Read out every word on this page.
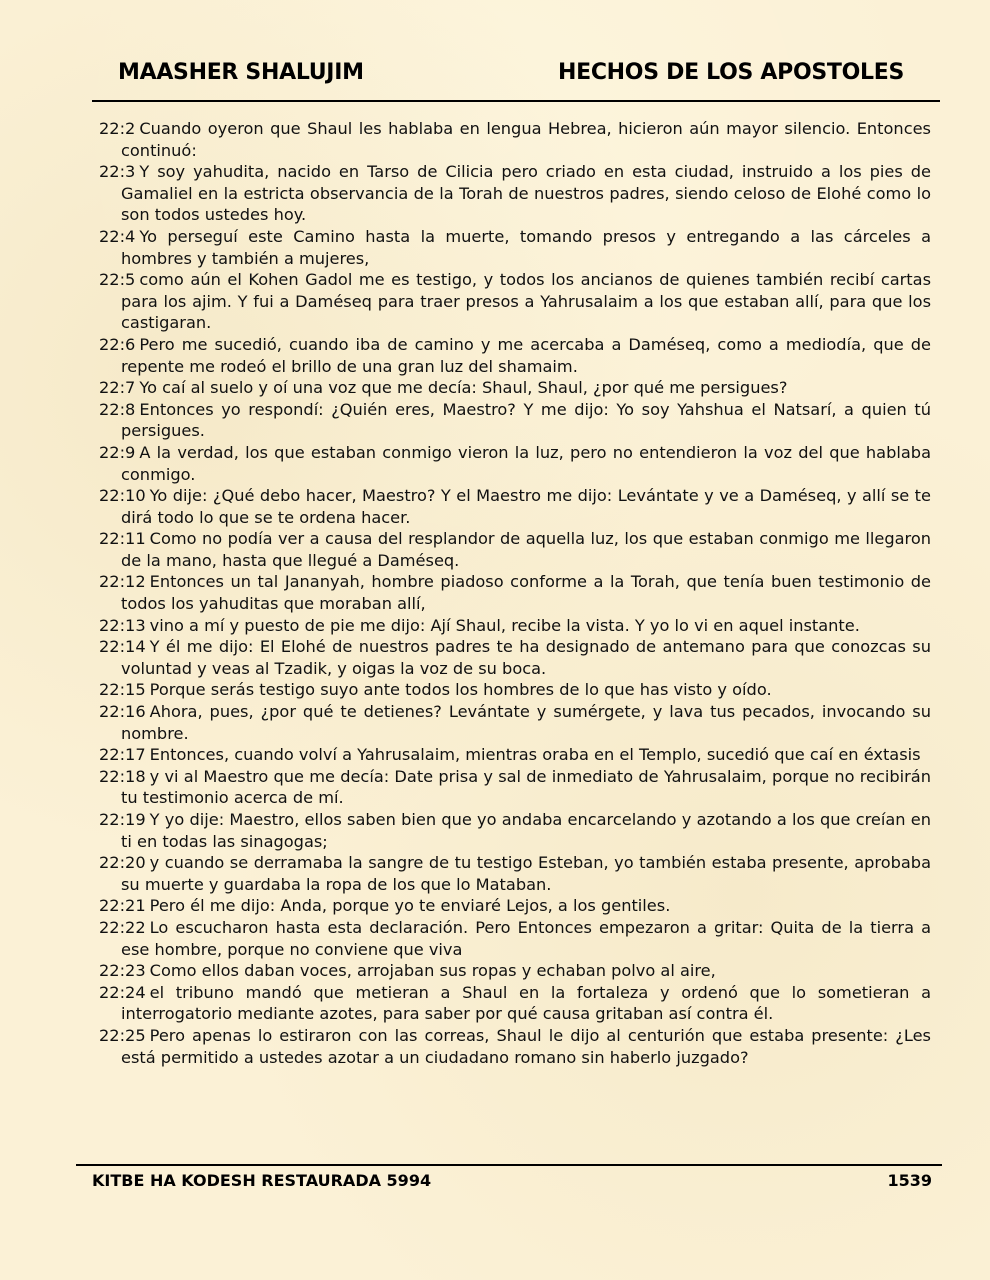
MAASHER SHALUJIM	HECHOS DE LOS APOSTOLES

22:2 Cuando oyeron que Shaul les hablaba en lengua Hebrea, hicieron aún mayor silencio. Entonces continuó:

22:3 Y soy yahudita, nacido en Tarso de Cilicia pero criado en esta ciudad, instruido a los pies de Gamaliel en la estricta observancia de la Torah de nuestros padres, siendo celoso de Elohé como lo son todos ustedes hoy.

22:4 Yo perseguí este Camino hasta la muerte, tomando presos y entregando a las cárceles a hombres y también a mujeres,

22:5 como aún el Kohen Gadol me es testigo, y todos los ancianos de quienes también recibí cartas para los ajim. Y fui a Daméseq para traer presos a Yahrusalaim a los que estaban allí, para que los castigaran.

22:6 Pero me sucedió, cuando iba de camino y me acercaba a Daméseq, como a mediodía, que de repente me rodeó el brillo de una gran luz del shamaim.

22:7 Yo caí al suelo y oí una voz que me decía: Shaul, Shaul, ¿por qué me persigues?

22:8 Entonces yo respondí: ¿Quién eres, Maestro? Y me dijo: Yo soy Yahshua el Natsarí, a quien tú persigues.

22:9 A la verdad, los que estaban conmigo vieron la luz, pero no entendieron la voz del que hablaba conmigo.

22:10 Yo dije: ¿Qué debo hacer, Maestro? Y el Maestro me dijo: Levántate y ve a Daméseq, y allí se te dirá todo lo que se te ordena hacer.

22:11 Como no podía ver a causa del resplandor de aquella luz, los que estaban conmigo me llegaron de la mano, hasta que llegué a Daméseq.

22:12 Entonces un tal Jananyah, hombre piadoso conforme a la Torah, que tenía buen testimonio de todos los yahuditas que moraban allí,

22:13 vino a mí y puesto de pie me dijo: Ají Shaul, recibe la vista. Y yo lo vi en aquel instante.

22:14 Y él me dijo: El Elohé de nuestros padres te ha designado de antemano para que conozcas su voluntad y veas al Tzadik, y oigas la voz de su boca.

22:15 Porque serás testigo suyo ante todos los hombres de lo que has visto y oído.

22:16 Ahora, pues, ¿por qué te detienes? Levántate y sumérgete, y lava tus pecados, invocando su nombre.

22:17 Entonces, cuando volví a Yahrusalaim, mientras oraba en el Templo, sucedió que caí en éxtasis

22:18 y vi al Maestro que me decía: Date prisa y sal de inmediato de Yahrusalaim, porque no recibirán tu testimonio acerca de mí.

22:19 Y yo dije: Maestro, ellos saben bien que yo andaba encarcelando y azotando a los que creían en ti en todas las sinagogas;

22:20 y cuando se derramaba la sangre de tu testigo Esteban, yo también estaba presente, aprobaba su muerte y guardaba la ropa de los que lo Mataban.

22:21 Pero él me dijo: Anda, porque yo te enviaré Lejos, a los gentiles.

22:22 Lo escucharon hasta esta declaración. Pero Entonces empezaron a gritar: Quita de la tierra a ese hombre, porque no conviene que viva

22:23 Como ellos daban voces, arrojaban sus ropas y echaban polvo al aire,

22:24 el tribuno mandó que metieran a Shaul en la fortaleza y ordenó que lo sometieran a interrogatorio mediante azotes, para saber por qué causa gritaban así contra él.

22:25 Pero apenas lo estiraron con las correas, Shaul le dijo al centurión que estaba presente: ¿Les está permitido a ustedes azotar a un ciudadano romano sin haberlo juzgado?

KITBE HA KODESH RESTAURADA 5994	1539
